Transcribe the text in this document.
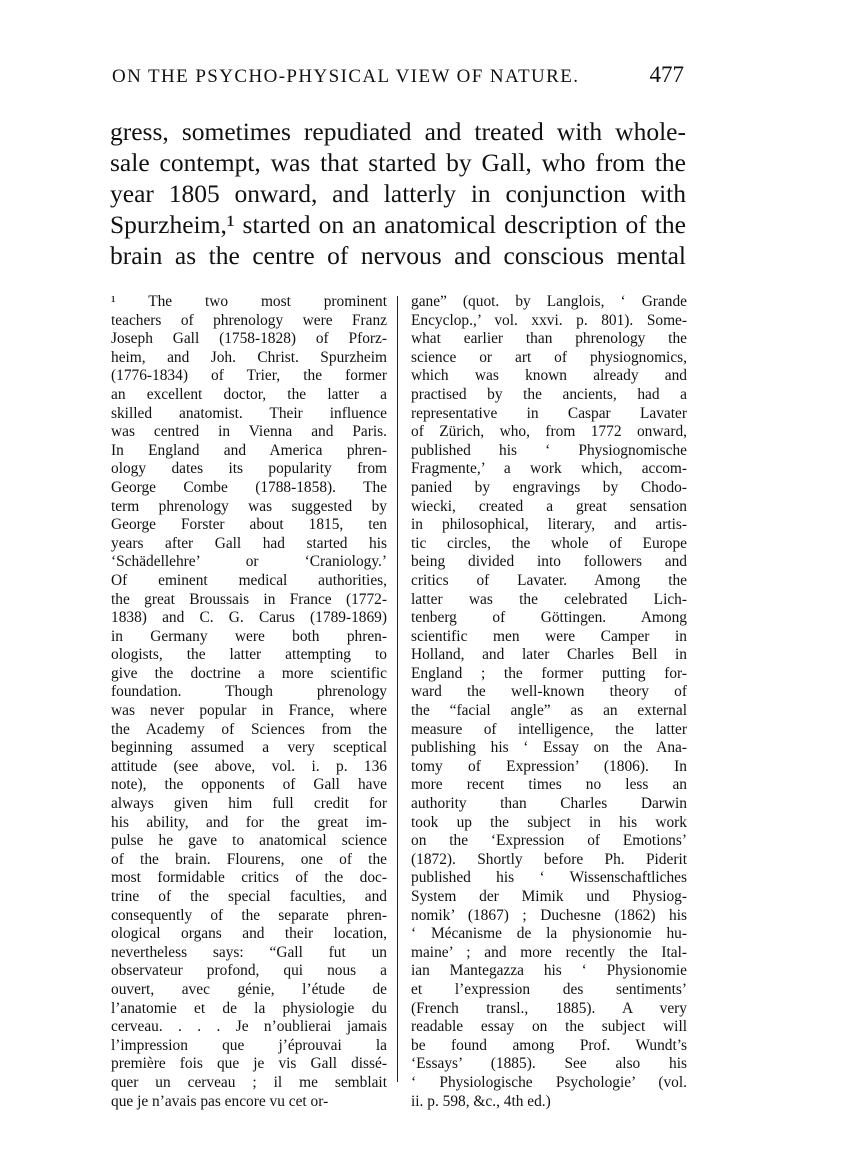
ON THE PSYCHO-PHYSICAL VIEW OF NATURE.	477
gress, sometimes repudiated and treated with whole-
sale contempt, was that started by Gall, who from the
year 1805 onward, and latterly in conjunction with
Spurzheim,¹ started on an anatomical description of the
brain as the centre of nervous and conscious mental
¹ The two most prominent
teachers of phrenology were Franz
Joseph Gall (1758-1828) of Pforz-
heim, and Joh. Christ. Spurzheim
(1776-1834) of Trier, the former
an excellent doctor, the latter a
skilled anatomist. Their influence
was centred in Vienna and Paris.
In England and America phren-
ology dates its popularity from
George Combe (1788-1858). The
term phrenology was suggested by
George Forster about 1815, ten
years after Gall had started his
‘Schädellehre’ or ‘Craniology.’
Of eminent medical authorities,
the great Broussais in France (1772-
1838) and C. G. Carus (1789-1869)
in Germany were both phren-
ologists, the latter attempting to
give the doctrine a more scientific
foundation. Though phrenology
was never popular in France, where
the Academy of Sciences from the
beginning assumed a very sceptical
attitude (see above, vol. i. p. 136
note), the opponents of Gall have
always given him full credit for
his ability, and for the great im-
pulse he gave to anatomical science
of the brain. Flourens, one of the
most formidable critics of the doc-
trine of the special faculties, and
consequently of the separate phren-
ological organs and their location,
nevertheless says: “Gall fut un
observateur profond, qui nous a
ouvert, avec génie, l’étude de
l’anatomie et de la physiologie du
cerveau. . . . Je n’oublierai jamais
l’impression que j’éprouvai la
première fois que je vis Gall dissé-
quer un cerveau ; il me semblait
que je n’avais pas encore vu cet or-
gane” (quot. by Langlois, ‘ Grande
Encyclop.,’ vol. xxvi. p. 801). Some-
what earlier than phrenology the
science or art of physiognomics,
which was known already and
practised by the ancients, had a
representative in Caspar Lavater
of Zürich, who, from 1772 onward,
published his ‘ Physiognomische
Fragmente,’ a work which, accom-
panied by engravings by Chodo-
wiecki, created a great sensation
in philosophical, literary, and artis-
tic circles, the whole of Europe
being divided into followers and
critics of Lavater. Among the
latter was the celebrated Lich-
tenberg of Göttingen. Among
scientific men were Camper in
Holland, and later Charles Bell in
England ; the former putting for-
ward the well-known theory of
the “facial angle” as an external
measure of intelligence, the latter
publishing his ‘ Essay on the Ana-
tomy of Expression’ (1806). In
more recent times no less an
authority than Charles Darwin
took up the subject in his work
on the ‘Expression of Emotions’
(1872). Shortly before Ph. Piderit
published his ‘ Wissenschaftliches
System der Mimik und Physiog-
nomik’ (1867) ; Duchesne (1862) his
‘ Mécanisme de la physionomie hu-
maine’ ; and more recently the Ital-
ian Mantegazza his ‘ Physionomie
et l’expression des sentiments’
(French transl., 1885). A very
readable essay on the subject will
be found among Prof. Wundt’s
‘Essays’ (1885). See also his
‘ Physiologische Psychologie’ (vol.
ii. p. 598, &c., 4th ed.)
